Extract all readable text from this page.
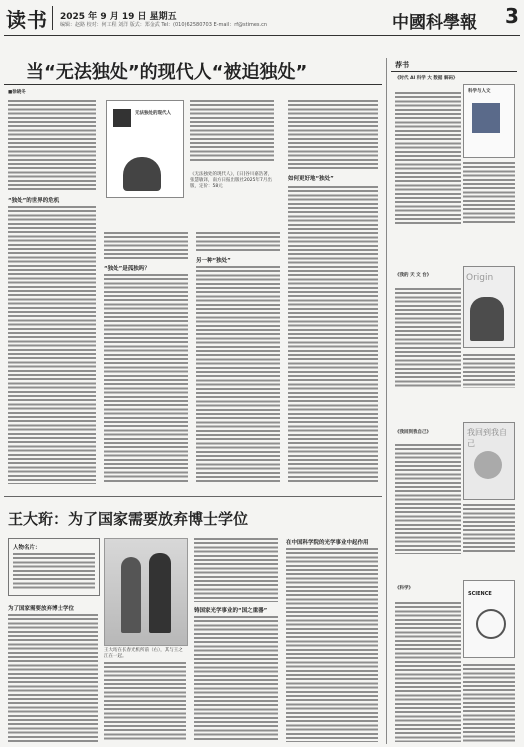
读书 2025 年 9 月 19 日 星期五
编辑：赵路 校对：何工程 刘洋 版式：郑金武 Tel：(010)62580703 E-mail：rf@stimes.cn	中國科學報 3
荐书
《时代 AI 科学 大 数据 解码》
科学与人文
《我的 天 文 台》	Origin
《我回到我自己》	我回到我自己
《科学》
SCIENCE
当“无法独处”的现代人“被迫独处”
■徐晓冬
“独处”的世界的危机
无法独处的现代人
《无法独处的现代人》，[日]谷川嘉浩著，张慧敏译，南方日报出版社2025年7月出版，定价：58元
“独处”是孤独吗？
另一种“独处”
如何更好地“独处”
王大珩：为了国家需要放弃博士学位
人物名片：
为了国家需要放弃博士学位
王大珩在长春光机所前（右），其与王之江在一起。
铸国家光学事业的“国之重器”
在中国科学院的光学事业中起作用
